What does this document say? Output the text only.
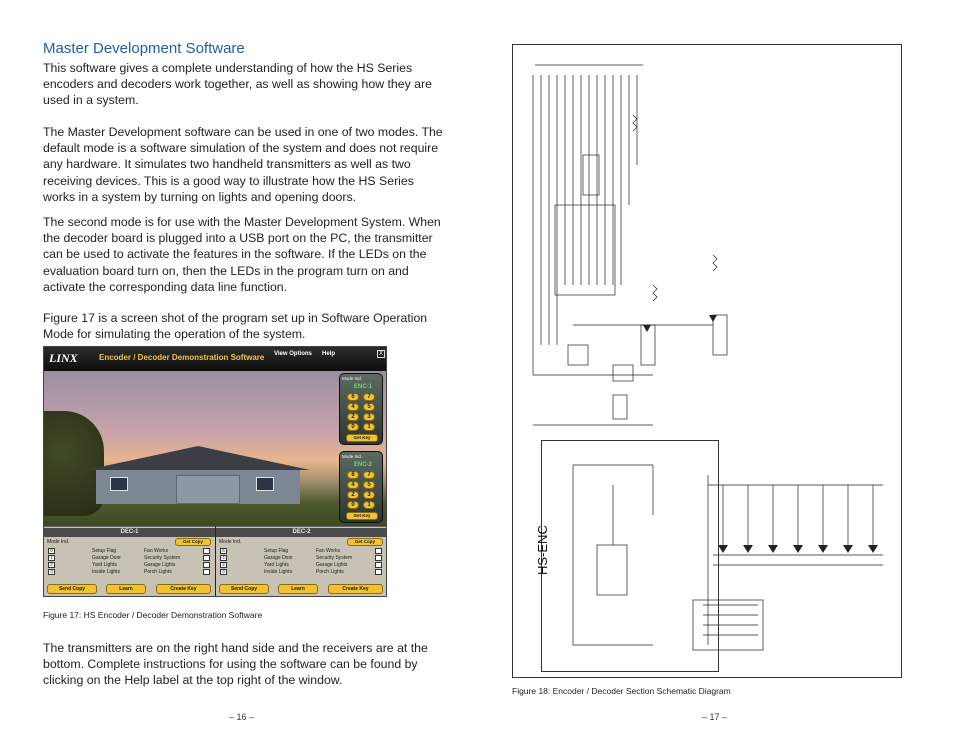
Master Development Software

This software gives a complete understanding of how the HS Series encoders and decoders work together, as well as showing how they are used in a system.

The Master Development software can be used in one of two modes. The default mode is a software simulation of the system and does not require any hardware. It simulates two handheld transmitters as well as two receiving devices. This is a good way to illustrate how the HS Series works in a system by turning on lights and opening doors.

The second mode is for use with the Master Development System. When the decoder board is plugged into a USB port on the PC, the transmitter can be used to activate the features in the software. If the LEDs on the evaluation board turn on, then the LEDs in the program turn on and activate the corresponding data line function.

Figure 17 is a screen shot of the program set up in Software Operation Mode for simulating the operation of the system.

LINX	Encoder / Decoder Demonstration Software View Options Help	X
Mode Ind.
ENC-1
6	7
4	5
2	3
0	1
Get Key
Mode Ind.
ENC-2
6	7
4	5
2	3
0	1
Get Key
DEC-1
Mode Ind.	Get Copy
0	Setup Flag	Fan Works
1	Garage Door	Security System
2	Yard Lights	Garage Lights
3	Inside Lights	Porch Lights
Send Copy	Learn	Create Key
DEC-2
Mode Ind.	Get Copy
6	Setup Flag	Fan Works
4	Garage Door	Security System
2	Yard Lights	Garage Lights
0	Inside Lights	Porch Lights
Send Copy	Learn	Create Key
Figure 17: HS Encoder / Decoder Demonstration Software

The transmitters are on the right hand side and the receivers are at the bottom. Complete instructions for using the software can be found by clicking on the Help label at the top right of the window.

– 16 –
HS-ENC
Figure 18: Encoder / Decoder Section Schematic Diagram
– 17 –
